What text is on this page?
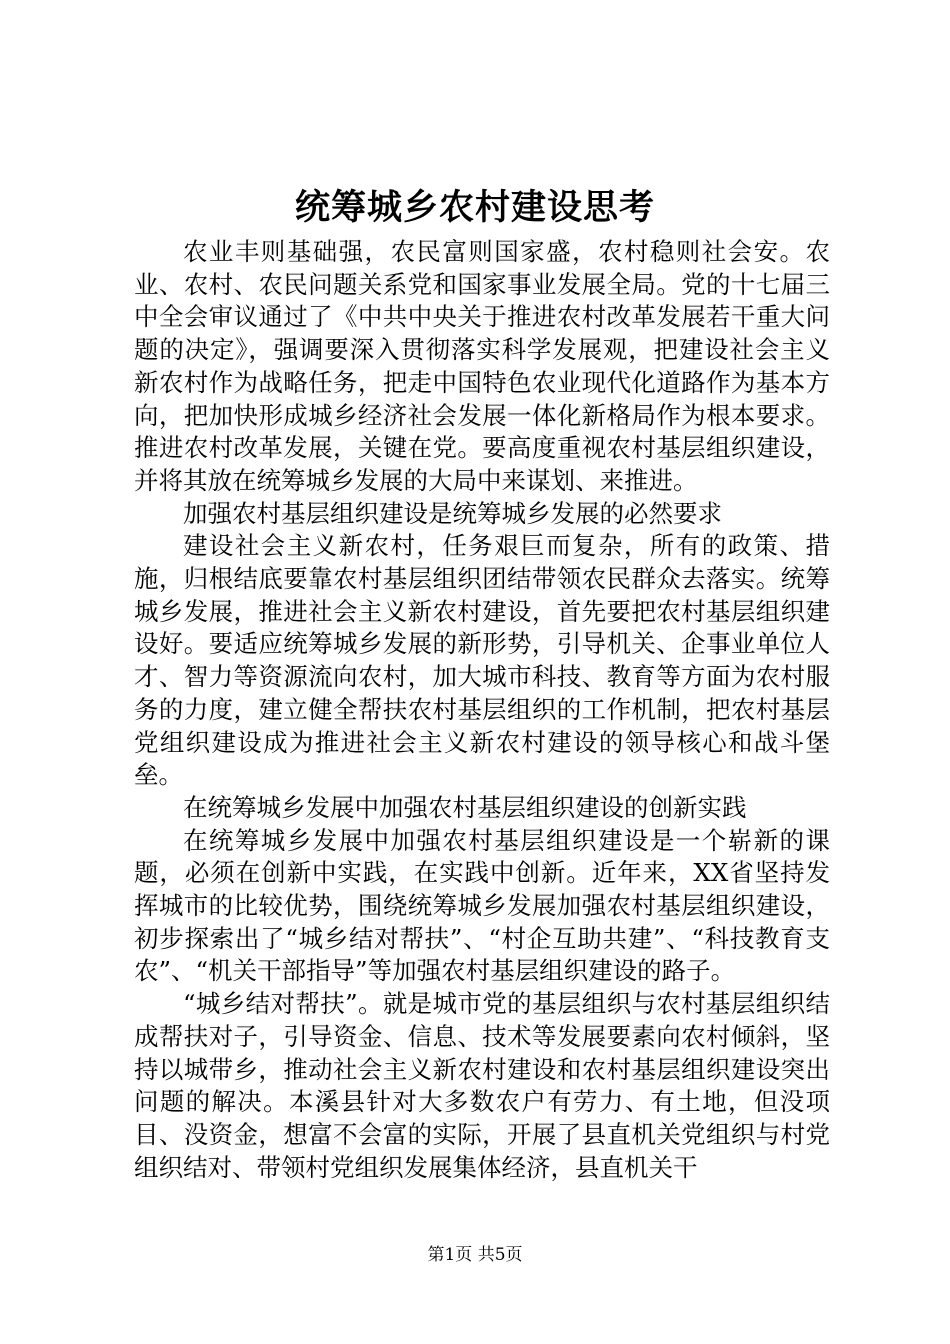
统筹城乡农村建设思考

农业丰则基础强，农民富则国家盛，农村稳则社会安。农业、农村、农民问题关系党和国家事业发展全局。党的十七届三中全会审议通过了《中共中央关于推进农村改革发展若干重大问题的决定》，强调要深入贯彻落实科学发展观，把建设社会主义新农村作为战略任务，把走中国特色农业现代化道路作为基本方向，把加快形成城乡经济社会发展一体化新格局作为根本要求。推进农村改革发展，关键在党。要高度重视农村基层组织建设，并将其放在统筹城乡发展的大局中来谋划、来推进。

加强农村基层组织建设是统筹城乡发展的必然要求

建设社会主义新农村，任务艰巨而复杂，所有的政策、措施，归根结底要靠农村基层组织团结带领农民群众去落实。统筹城乡发展，推进社会主义新农村建设，首先要把农村基层组织建设好。要适应统筹城乡发展的新形势，引导机关、企事业单位人才、智力等资源流向农村，加大城市科技、教育等方面为农村服务的力度，建立健全帮扶农村基层组织的工作机制，把农村基层党组织建设成为推进社会主义新农村建设的领导核心和战斗堡垒。

在统筹城乡发展中加强农村基层组织建设的创新实践

在统筹城乡发展中加强农村基层组织建设是一个崭新的课题，必须在创新中实践，在实践中创新。近年来，XX省坚持发挥城市的比较优势，围绕统筹城乡发展加强农村基层组织建设，初步探索出了“城乡结对帮扶”、“村企互助共建”、“科技教育支农”、“机关干部指导”等加强农村基层组织建设的路子。

“城乡结对帮扶”。就是城市党的基层组织与农村基层组织结成帮扶对子，引导资金、信息、技术等发展要素向农村倾斜，坚持以城带乡，推动社会主义新农村建设和农村基层组织建设突出问题的解决。本溪县针对大多数农户有劳力、有土地，但没项目、没资金，想富不会富的实际，开展了县直机关党组织与村党组织结对、带领村党组织发展集体经济，县直机关干

第1页 共5页
